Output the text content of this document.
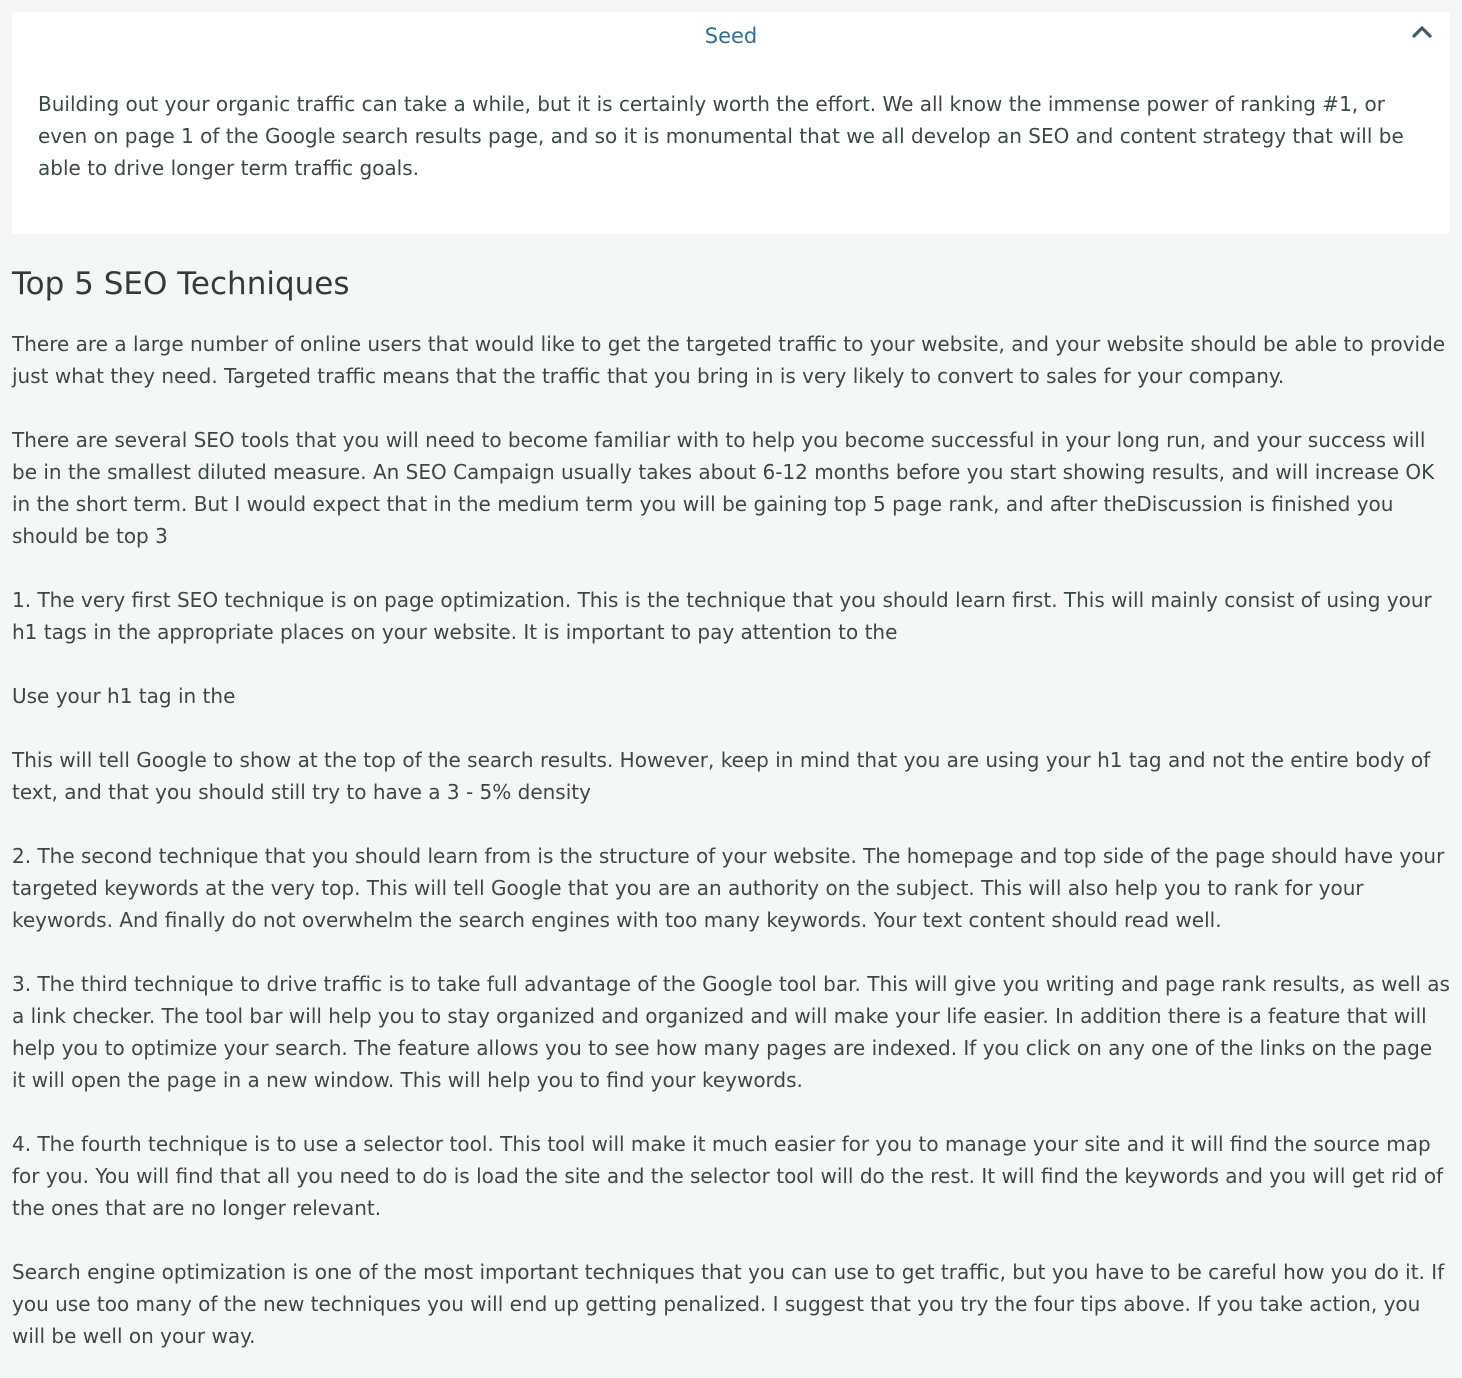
Seed
Building out your organic traffic can take a while, but it is certainly worth the effort. We all know the immense power of ranking #1, or even on page 1 of the Google search results page, and so it is monumental that we all develop an SEO and content strategy that will be able to drive longer term traffic goals.
Top 5 SEO Techniques

There are a large number of online users that would like to get the targeted traffic to your website, and your website should be able to provide just what they need. Targeted traffic means that the traffic that you bring in is very likely to convert to sales for your company.

There are several SEO tools that you will need to become familiar with to help you become successful in your long run, and your success will be in the smallest diluted measure. An SEO Campaign usually takes about 6-12 months before you start showing results, and will increase OK in the short term. But I would expect that in the medium term you will be gaining top 5 page rank, and after theDiscussion is finished you should be top 3

1. The very first SEO technique is on page optimization. This is the technique that you should learn first. This will mainly consist of using your h1 tags in the appropriate places on your website. It is important to pay attention to the

Use your h1 tag in the

This will tell Google to show at the top of the search results. However, keep in mind that you are using your h1 tag and not the entire body of text, and that you should still try to have a 3 - 5% density

2. The second technique that you should learn from is the structure of your website. The homepage and top side of the page should have your targeted keywords at the very top. This will tell Google that you are an authority on the subject. This will also help you to rank for your keywords. And finally do not overwhelm the search engines with too many keywords. Your text content should read well.

3. The third technique to drive traffic is to take full advantage of the Google tool bar. This will give you writing and page rank results, as well as a link checker. The tool bar will help you to stay organized and organized and will make your life easier. In addition there is a feature that will help you to optimize your search. The feature allows you to see how many pages are indexed. If you click on any one of the links on the page it will open the page in a new window. This will help you to find your keywords.

4. The fourth technique is to use a selector tool. This tool will make it much easier for you to manage your site and it will find the source map for you. You will find that all you need to do is load the site and the selector tool will do the rest. It will find the keywords and you will get rid of the ones that are no longer relevant.

Search engine optimization is one of the most important techniques that you can use to get traffic, but you have to be careful how you do it. If you use too many of the new techniques you will end up getting penalized. I suggest that you try the four tips above. If you take action, you will be well on your way.
